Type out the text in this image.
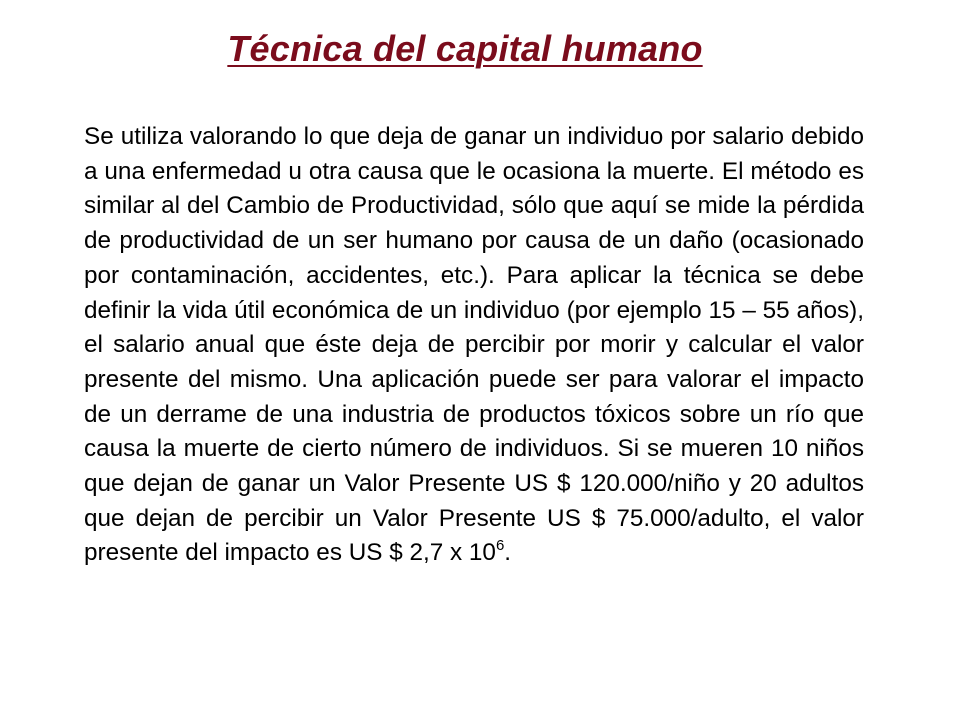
Técnica del capital humano

Se utiliza valorando lo que deja de ganar un individuo por salario debido a una enfermedad u otra causa que le ocasiona la muerte. El método es similar al del Cambio de Productividad, sólo que aquí se mide la pérdida de productividad de un ser humano por causa de un daño (ocasionado por contaminación, accidentes, etc.). Para aplicar la técnica se debe definir la vida útil económica de un individuo (por ejemplo 15 – 55 años), el salario anual que éste deja de percibir por morir y calcular el valor presente del mismo. Una aplicación puede ser para valorar el impacto de un derrame de una industria de productos tóxicos sobre un río que causa la muerte de cierto número de individuos. Si se mueren 10 niños que dejan de ganar un Valor Presente US $ 120.000/niño y 20 adultos que dejan de percibir un Valor Presente US $ 75.000/adulto, el valor presente del impacto es US $ 2,7 x $10^6$.
